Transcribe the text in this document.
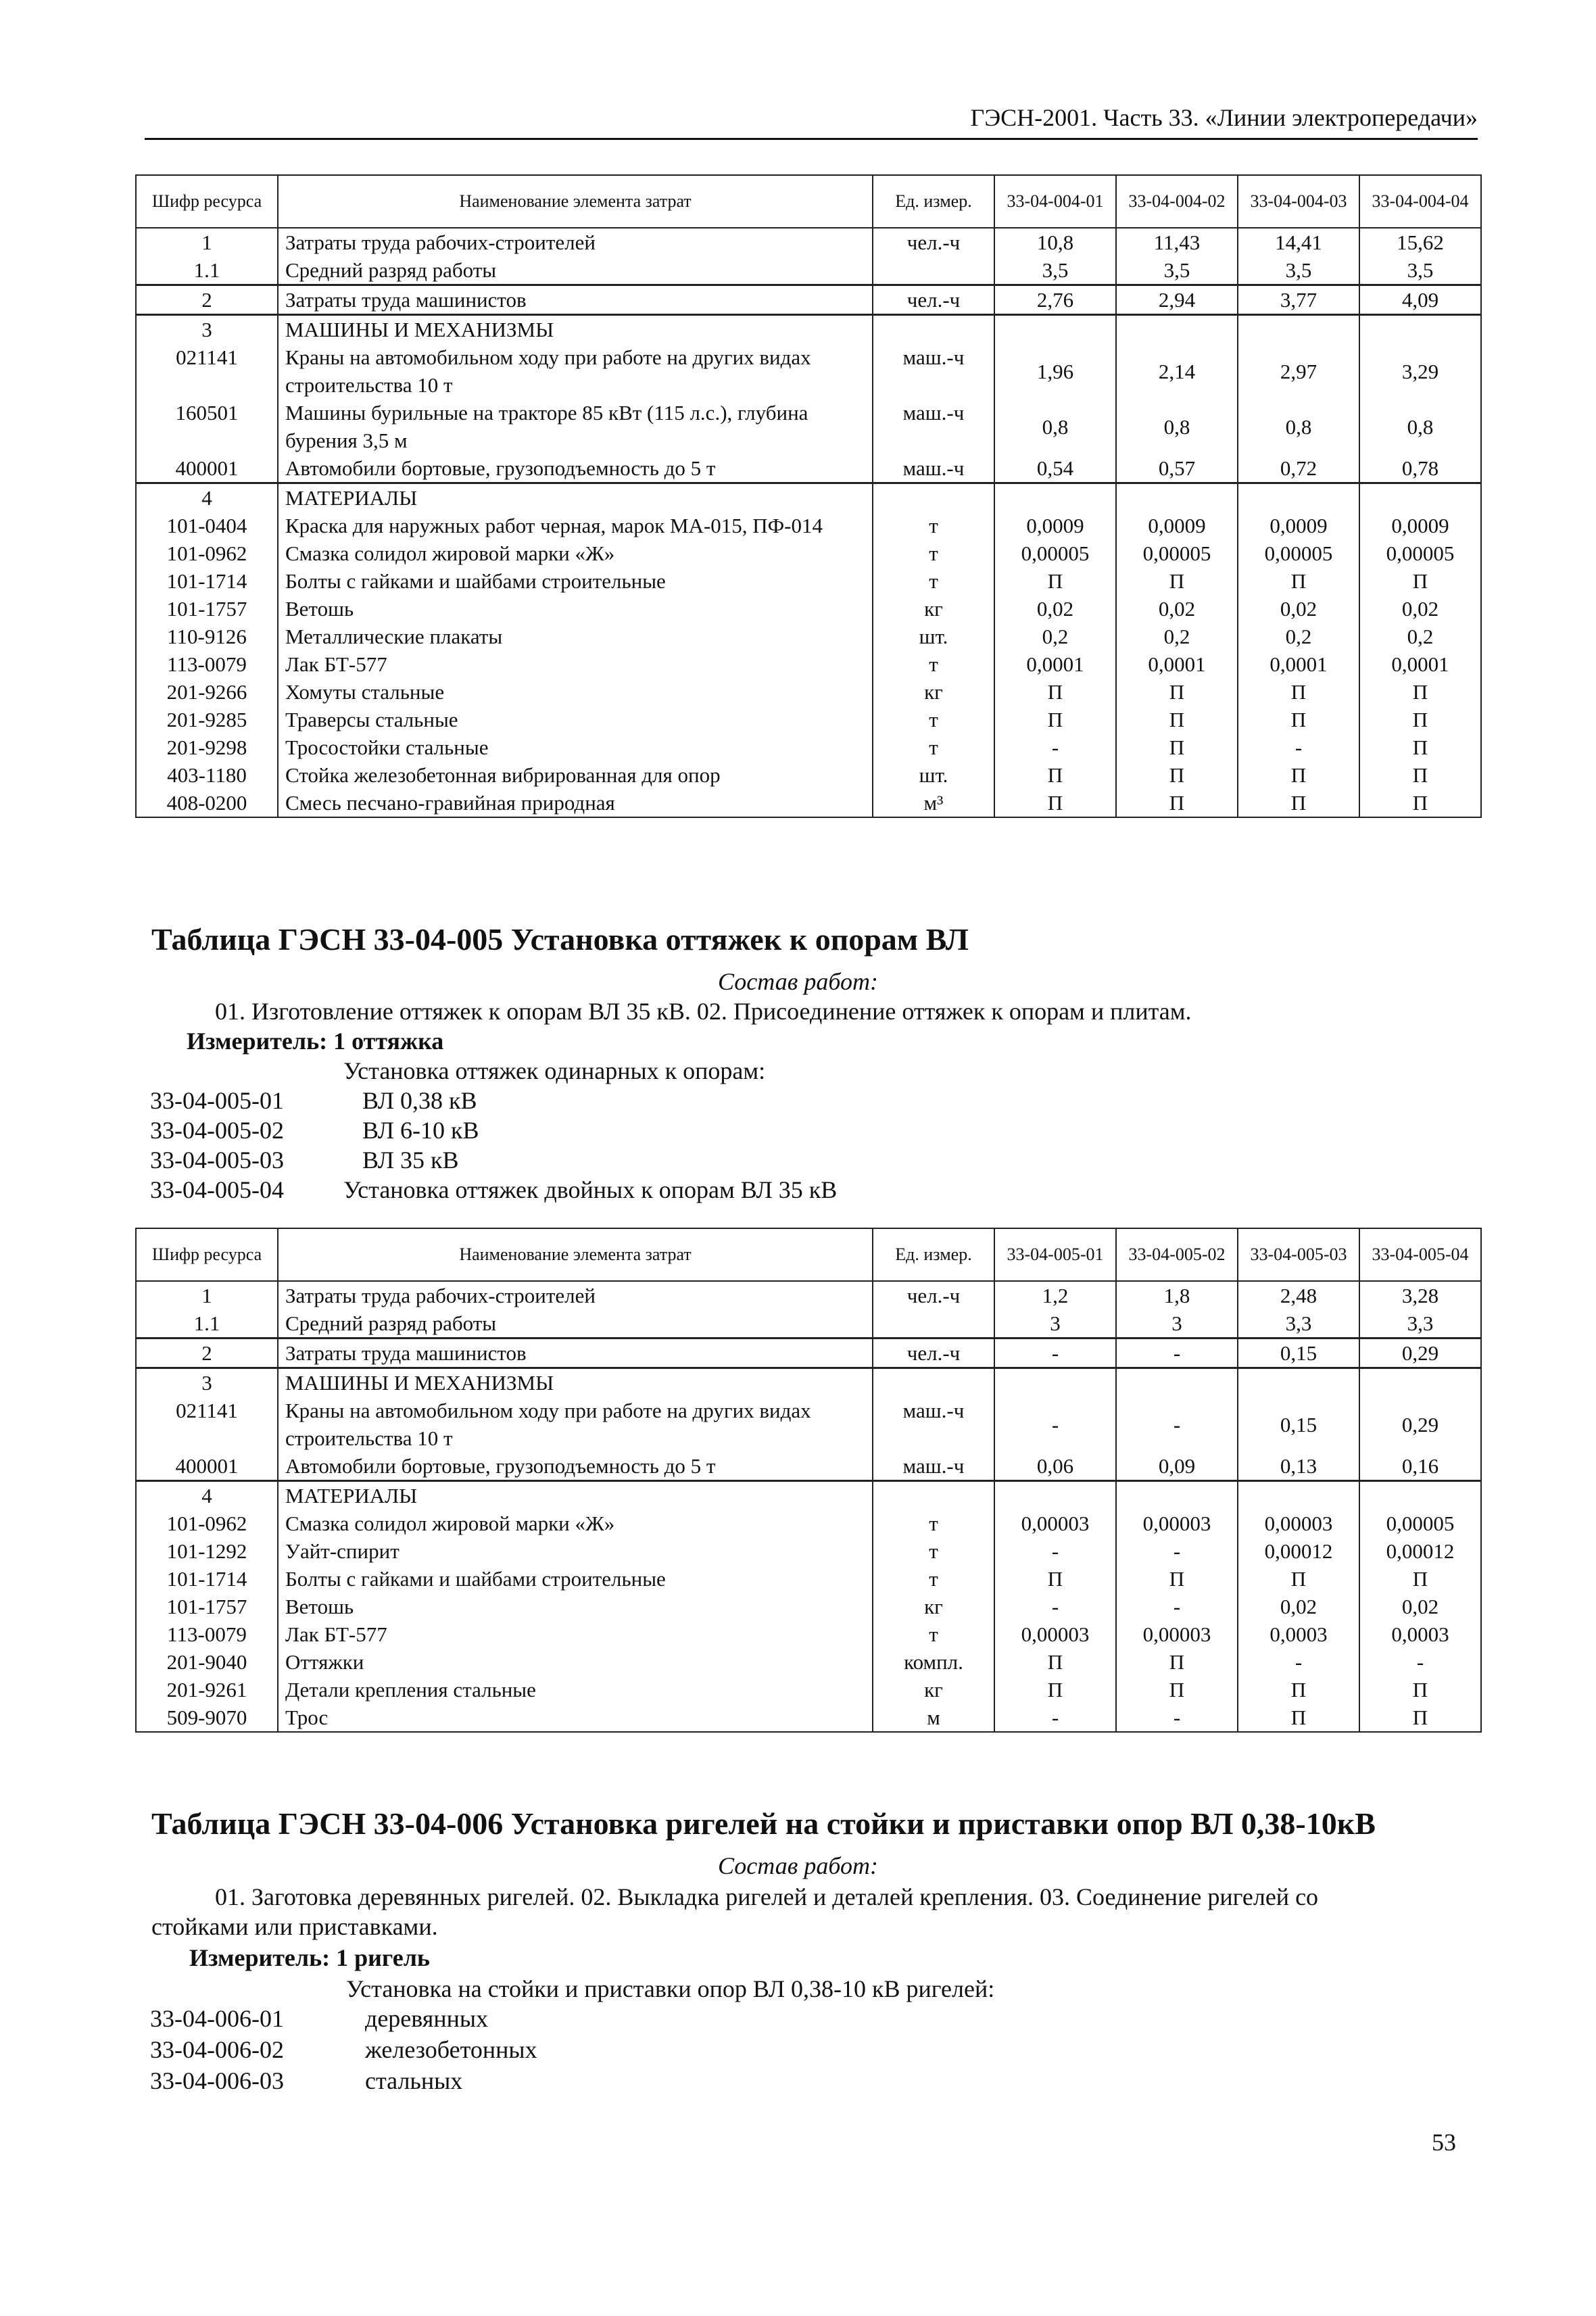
ГЭСН-2001. Часть 33. «Линии электропередачи»
Шифр ресурса	Наименование элемента затрат	Ед. измер.	33-04-004-01	33-04-004-02	33-04-004-03	33-04-004-04
1	Затраты труда рабочих-строителей	чел.-ч	10,8	11,43	14,41	15,62
1.1	Средний разряд работы		3,5	3,5	3,5	3,5
2	Затраты труда машинистов	чел.-ч	2,76	2,94	3,77	4,09
3	МАШИНЫ И МЕХАНИЗМЫ					
021141	Краны на автомобильном ходу при работе на других видах строительства 10 т	маш.-ч	1,96	2,14	2,97	3,29
160501	Машины бурильные на тракторе 85 кВт (115 л.с.), глубина бурения 3,5 м	маш.-ч	0,8	0,8	0,8	0,8
400001	Автомобили бортовые, грузоподъемность до 5 т	маш.-ч	0,54	0,57	0,72	0,78
4	МАТЕРИАЛЫ					
101-0404	Краска для наружных работ черная, марок МА-015, ПФ-014	т	0,0009	0,0009	0,0009	0,0009
101-0962	Смазка солидол жировой марки «Ж»	т	0,00005	0,00005	0,00005	0,00005
101-1714	Болты с гайками и шайбами строительные	т	П	П	П	П
101-1757	Ветошь	кг	0,02	0,02	0,02	0,02
110-9126	Металлические плакаты	шт.	0,2	0,2	0,2	0,2
113-0079	Лак БТ-577	т	0,0001	0,0001	0,0001	0,0001
201-9266	Хомуты стальные	кг	П	П	П	П
201-9285	Траверсы стальные	т	П	П	П	П
201-9298	Тросостойки стальные	т	-	П	-	П
403-1180	Стойка железобетонная вибрированная для опор	шт.	П	П	П	П
408-0200	Смесь песчано-гравийная природная	м³	П	П	П	П
Таблица ГЭСН 33-04-005 Установка оттяжек к опорам ВЛ
Состав работ:
01. Изготовление оттяжек к опорам ВЛ 35 кВ. 02. Присоединение оттяжек к опорам и плитам.
Измеритель: 1 оттяжка
Установка оттяжек одинарных к опорам:
33-04-005-01	ВЛ 0,38 кВ
33-04-005-02	ВЛ 6-10 кВ
33-04-005-03	ВЛ 35 кВ
33-04-005-04 Установка оттяжек двойных к опорам ВЛ 35 кВ
Шифр ресурса	Наименование элемента затрат	Ед. измер.	33-04-005-01	33-04-005-02	33-04-005-03	33-04-005-04
1	Затраты труда рабочих-строителей	чел.-ч	1,2	1,8	2,48	3,28
1.1	Средний разряд работы		3	3	3,3	3,3
2	Затраты труда машинистов	чел.-ч	-	-	0,15	0,29
3	МАШИНЫ И МЕХАНИЗМЫ					
021141	Краны на автомобильном ходу при работе на других видах строительства 10 т	маш.-ч	-	-	0,15	0,29
400001	Автомобили бортовые, грузоподъемность до 5 т	маш.-ч	0,06	0,09	0,13	0,16
4	МАТЕРИАЛЫ					
101-0962	Смазка солидол жировой марки «Ж»	т	0,00003	0,00003	0,00003	0,00005
101-1292	Уайт-спирит	т	-	-	0,00012	0,00012
101-1714	Болты с гайками и шайбами строительные	т	П	П	П	П
101-1757	Ветошь	кг	-	-	0,02	0,02
113-0079	Лак БТ-577	т	0,00003	0,00003	0,0003	0,0003
201-9040	Оттяжки	компл.	П	П	-	-
201-9261	Детали крепления стальные	кг	П	П	П	П
509-9070	Трос	м	-	-	П	П
Таблица ГЭСН 33-04-006 Установка ригелей на стойки и приставки опор ВЛ 0,38-10кВ
Состав работ:
01. Заготовка деревянных ригелей. 02. Выкладка ригелей и деталей крепления. 03. Соединение ригелей со
стойками или приставками.
Измеритель: 1 ригель
Установка на стойки и приставки опор ВЛ 0,38-10 кВ ригелей:
33-04-006-01	деревянных
33-04-006-02	железобетонных
33-04-006-03	стальных
53
